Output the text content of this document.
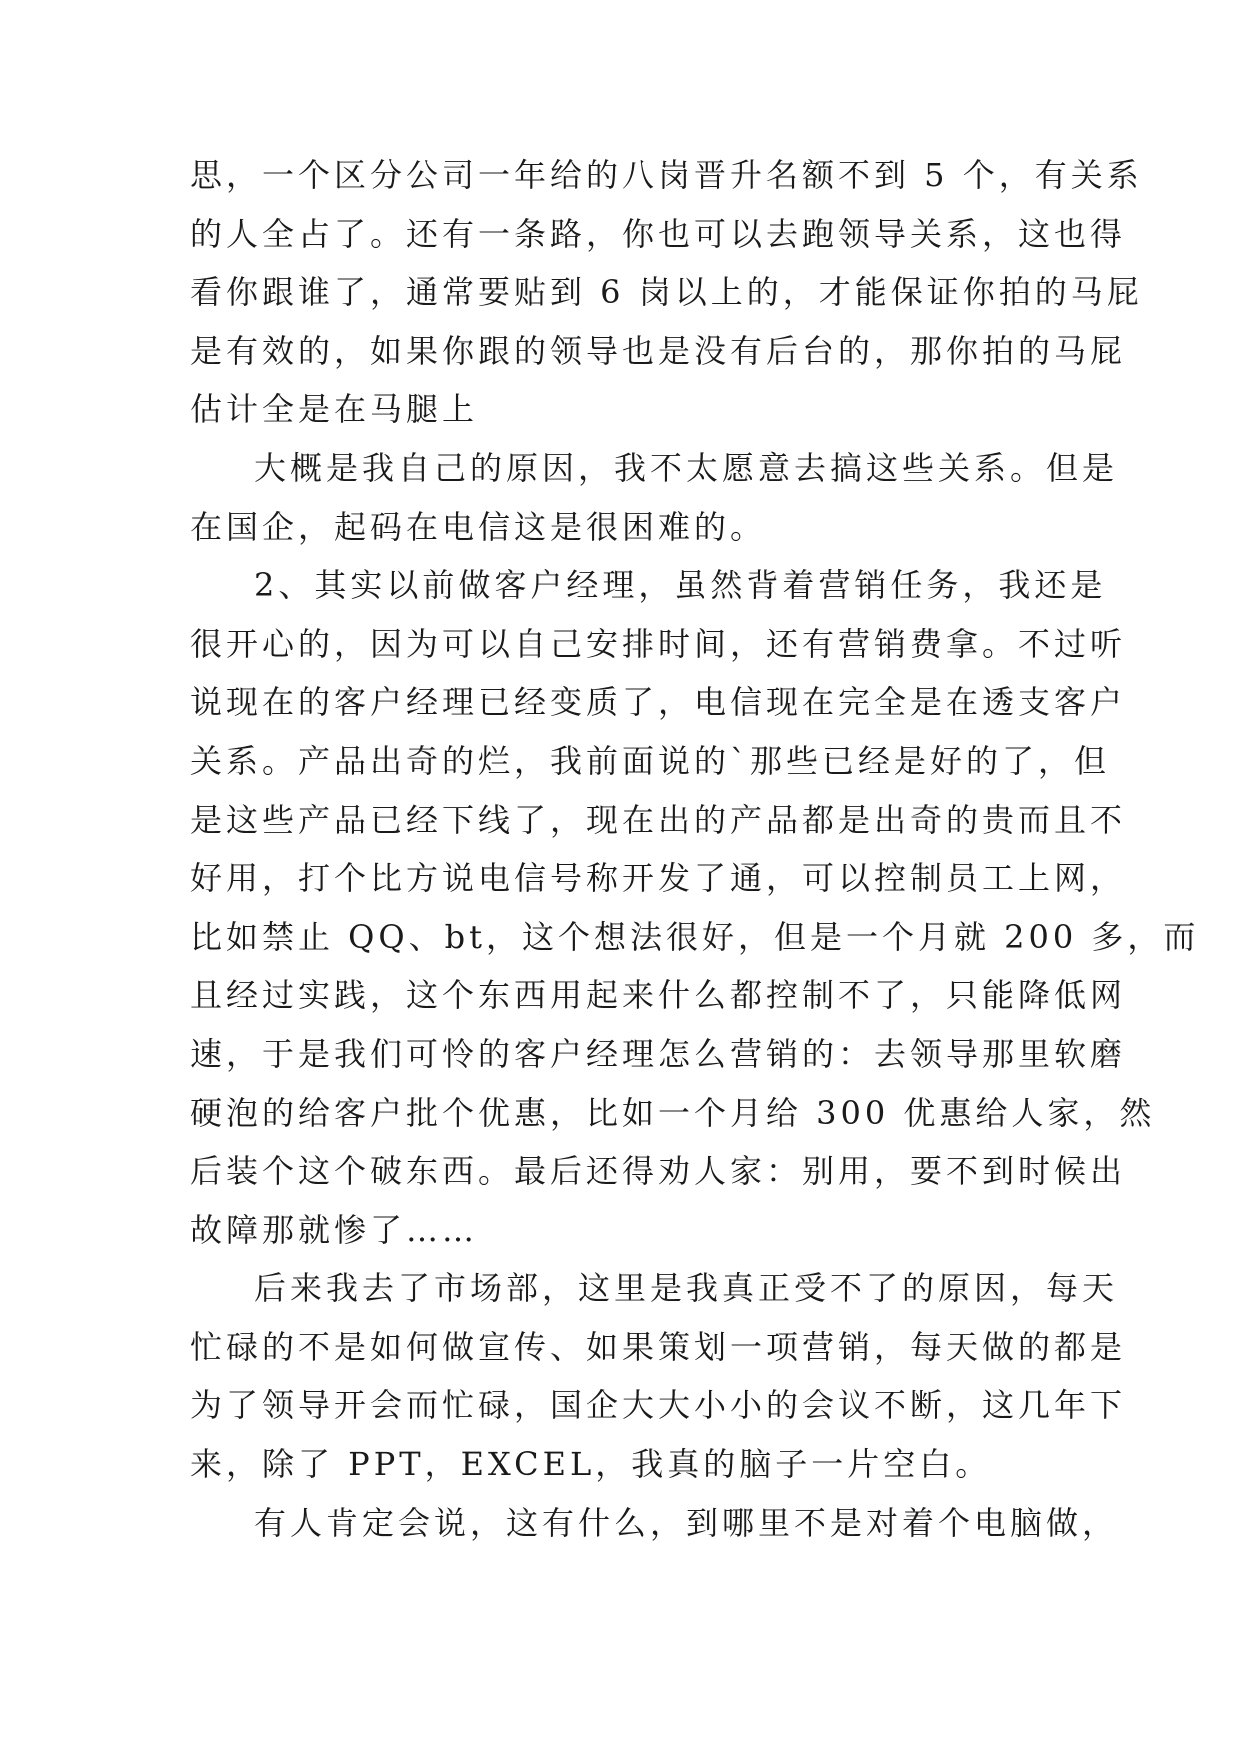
思，一个区分公司一年给的八岗晋升名额不到 5 个，有关系
的人全占了。还有一条路，你也可以去跑领导关系，这也得
看你跟谁了，通常要贴到 6 岗以上的，才能保证你拍的马屁
是有效的，如果你跟的领导也是没有后台的，那你拍的马屁
估计全是在马腿上
大概是我自己的原因，我不太愿意去搞这些关系。但是
在国企，起码在电信这是很困难的。
2、其实以前做客户经理，虽然背着营销任务，我还是
很开心的，因为可以自己安排时间，还有营销费拿。不过听
说现在的客户经理已经变质了，电信现在完全是在透支客户
关系。产品出奇的烂，我前面说的`那些已经是好的了，但
是这些产品已经下线了，现在出的产品都是出奇的贵而且不
好用，打个比方说电信号称开发了通，可以控制员工上网，
比如禁止 QQ、bt，这个想法很好，但是一个月就 200 多，而
且经过实践，这个东西用起来什么都控制不了，只能降低网
速，于是我们可怜的客户经理怎么营销的：去领导那里软磨
硬泡的给客户批个优惠，比如一个月给 300 优惠给人家，然
后装个这个破东西。最后还得劝人家：别用，要不到时候出
故障那就惨了……
后来我去了市场部，这里是我真正受不了的原因，每天
忙碌的不是如何做宣传、如果策划一项营销，每天做的都是
为了领导开会而忙碌，国企大大小小的会议不断，这几年下
来，除了 PPT，EXCEL，我真的脑子一片空白。
有人肯定会说，这有什么，到哪里不是对着个电脑做，
